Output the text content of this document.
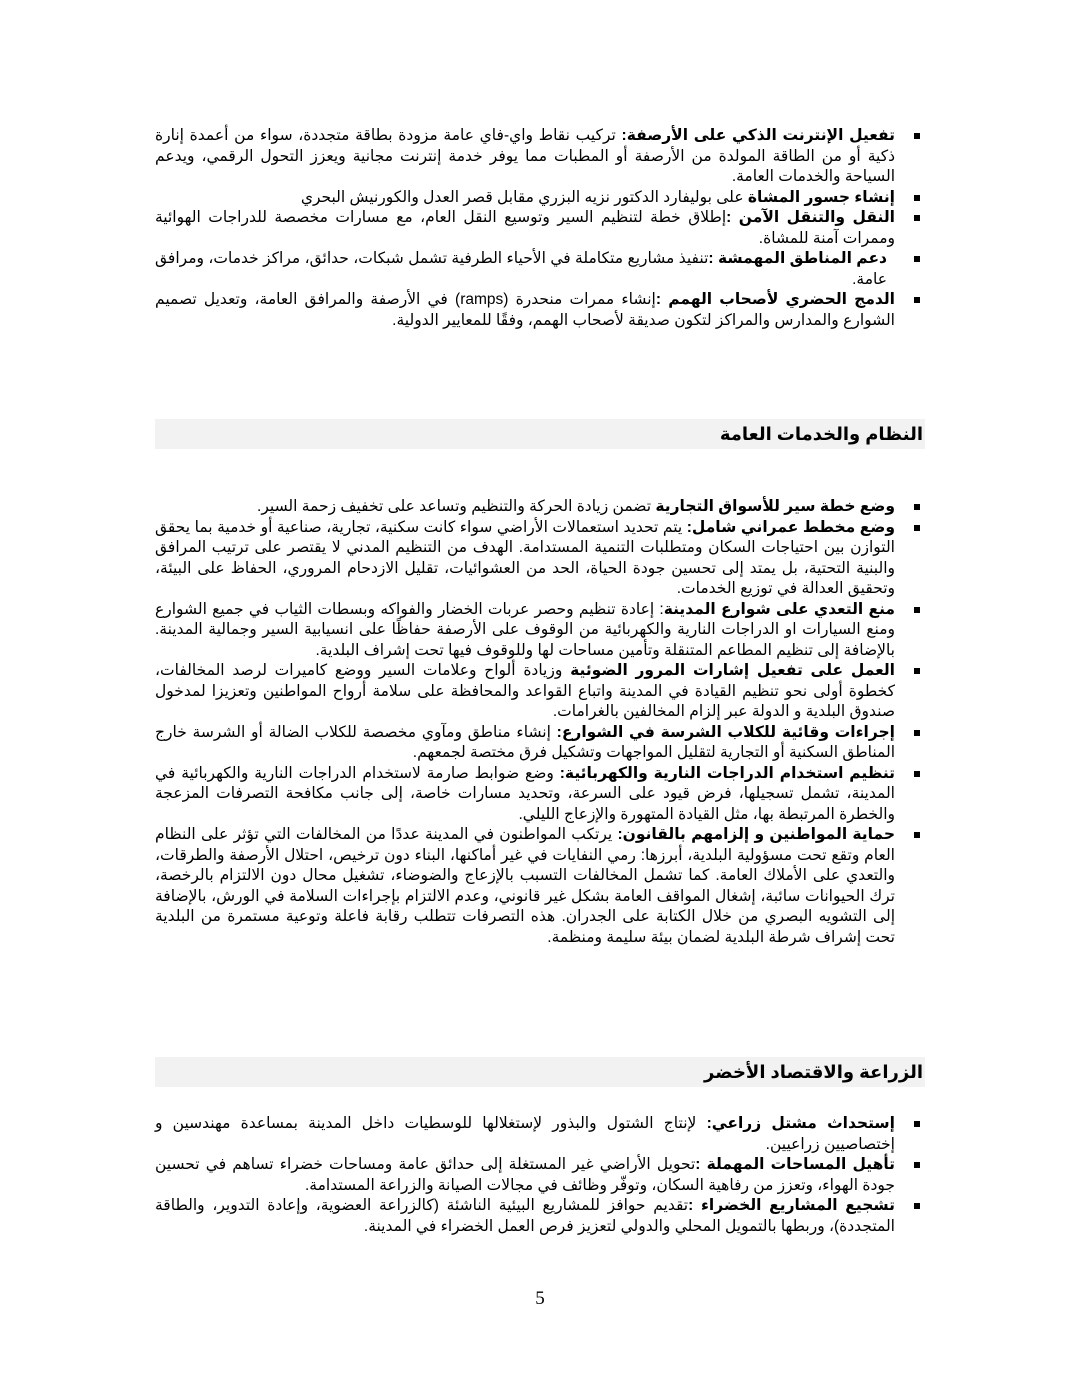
تفعيل الإنترنت الذكي على الأرصفة: تركيب نقاط واي-فاي عامة مزودة بطاقة متجددة، سواء من أعمدة إنارة ذكية أو من الطاقة المولدة من الأرصفة أو المطبات مما يوفر خدمة إنترنت مجانية ويعزز التحول الرقمي، ويدعم السياحة والخدمات العامة.
إنشاء جسور المشاة على بوليفارد الدكتور نزيه البزري مقابل قصر العدل والكورنيش البحري
النقل والتنقل الآمن :إطلاق خطة لتنظيم السير وتوسيع النقل العام، مع مسارات مخصصة للدراجات الهوائية وممرات آمنة للمشاة.
دعم المناطق المهمشة :تنفيذ مشاريع متكاملة في الأحياء الطرفية تشمل شبكات، حدائق، مراكز خدمات، ومرافق عامة.
الدمج الحضري لأصحاب الهمم :إنشاء ممرات منحدرة (ramps) في الأرصفة والمرافق العامة، وتعديل تصميم الشوارع والمدارس والمراكز لتكون صديقة لأصحاب الهمم، وفقًا للمعايير الدولية.
النظام والخدمات العامة
وضع خطة سير للأسواق التجارية تضمن زيادة الحركة والتنظيم وتساعد على تخفيف زحمة السير.
وضع مخطط عمراني شامل: يتم تحديد استعمالات الأراضي سواء كانت سكنية، تجارية، صناعية أو خدمية بما يحقق التوازن بين احتياجات السكان ومتطلبات التنمية المستدامة. الهدف من التنظيم المدني لا يقتصر على ترتيب المرافق والبنية التحتية، بل يمتد إلى تحسين جودة الحياة، الحد من العشوائيات، تقليل الازدحام المروري، الحفاظ على البيئة، وتحقيق العدالة في توزيع الخدمات.
منع التعدي على شوارع المدينة: إعادة تنظيم وحصر عربات الخضار والفواكه وبسطات الثياب في جميع الشوارع ومنع السيارات او الدراجات النارية والكهربائية من الوقوف على الأرصفة حفاظًا على انسيابية السير وجمالية المدينة. بالإضافة إلى تنظيم المطاعم المتنقلة وتأمين مساحات لها وللوقوف فيها تحت إشراف البلدية.
العمل على تفعيل إشارات المرور الضوئية وزيادة ألواح وعلامات السير ووضع كاميرات لرصد المخالفات، كخطوة أولى نحو تنظيم القيادة في المدينة واتباع القواعد والمحافظة على سلامة أرواح المواطنين وتعزيزا لمدخول صندوق البلدية و الدولة عبر إلزام المخالفين بالغرامات.
إجراءات وقائية للكلاب الشرسة في الشوارع: إنشاء مناطق ومآوي مخصصة للكلاب الضالة أو الشرسة خارج المناطق السكنية أو التجارية لتقليل المواجهات وتشكيل فرق مختصة لجمعهم.
تنظيم استخدام الدراجات النارية والكهربائية: وضع ضوابط صارمة لاستخدام الدراجات النارية والكهربائية في المدينة، تشمل تسجيلها، فرض قيود على السرعة، وتحديد مسارات خاصة، إلى جانب مكافحة التصرفات المزعجة والخطرة المرتبطة بها، مثل القيادة المتهورة والإزعاج الليلي.
حماية المواطنين و إلزامهم بالقانون: يرتكب المواطنون في المدينة عددًا من المخالفات التي تؤثر على النظام العام وتقع تحت مسؤولية البلدية، أبرزها: رمي النفايات في غير أماكنها، البناء دون ترخيص، احتلال الأرصفة والطرقات، والتعدي على الأملاك العامة. كما تشمل المخالفات التسبب بالإزعاج والضوضاء، تشغيل محال دون الالتزام بالرخصة، ترك الحيوانات سائبة، إشغال المواقف العامة بشكل غير قانوني، وعدم الالتزام بإجراءات السلامة في الورش، بالإضافة إلى التشويه البصري من خلال الكتابة على الجدران. هذه التصرفات تتطلب رقابة فاعلة وتوعية مستمرة من البلدية تحت إشراف شرطة البلدية لضمان بيئة سليمة ومنظمة.
الزراعة والاقتصاد الأخضر
إستحداث مشتل زراعي: لإنتاج الشتول والبذور لإستغلالها للوسطيات داخل المدينة بمساعدة مهندسين و إختصاصيين زراعيين.
تأهيل المساحات المهملة :تحويل الأراضي غير المستغلة إلى حدائق عامة ومساحات خضراء تساهم في تحسين جودة الهواء، وتعزز من رفاهية السكان، وتوفّر وظائف في مجالات الصيانة والزراعة المستدامة.
تشجيع المشاريع الخضراء :تقديم حوافز للمشاريع البيئية الناشئة (كالزراعة العضوية، وإعادة التدوير، والطاقة المتجددة)، وربطها بالتمويل المحلي والدولي لتعزيز فرص العمل الخضراء في المدينة.
5
